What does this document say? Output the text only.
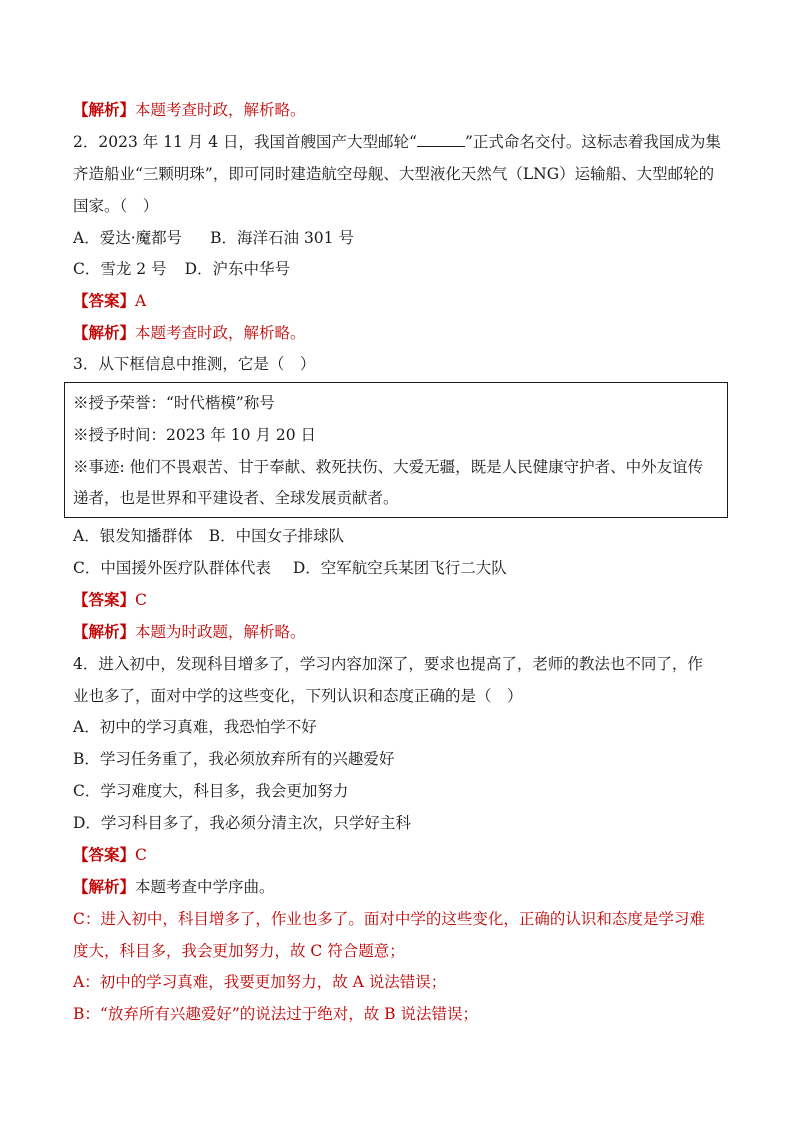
【解析】本题考查时政，解析略。
2．2023 年 11 月 4 日，我国首艘国产大型邮轮“	”正式命名交付。这标志着我国成为集
齐造船业“三颗明珠”，即可同时建造航空母舰、大型液化天然气（LNG）运输船、大型邮轮的
国家。（　）
A．爱达·魔都号 B．海洋石油 301 号
C．雪龙 2 号 D．沪东中华号
【答案】A
【解析】本题考查时政，解析略。
3．从下框信息中推测，它是（　）
※授予荣誉：“时代楷模”称号
※授予时间：2023 年 10 月 20 日
※事迹: 他们不畏艰苦、甘于奉献、救死扶伤、大爱无疆，既是人民健康守护者、中外友谊传
递者，也是世界和平建设者、全球发展贡献者。
A．银发知播群体 B．中国女子排球队
C．中国援外医疗队群体代表 D．空军航空兵某团飞行二大队
【答案】C
【解析】本题为时政题，解析略。
4．进入初中，发现科目增多了，学习内容加深了，要求也提高了，老师的教法也不同了，作
业也多了，面对中学的这些变化，下列认识和态度正确的是（　）
A．初中的学习真难，我恐怕学不好
B．学习任务重了，我必须放弃所有的兴趣爱好
C．学习难度大，科目多，我会更加努力
D．学习科目多了，我必须分清主次，只学好主科
【答案】C
【解析】本题考查中学序曲。
C：进入初中，科目增多了，作业也多了。面对中学的这些变化，正确的认识和态度是学习难
度大，科目多，我会更加努力，故 C 符合题意；
A：初中的学习真难，我要更加努力，故 A 说法错误；
B：“放弃所有兴趣爱好”的说法过于绝对，故 B 说法错误；
